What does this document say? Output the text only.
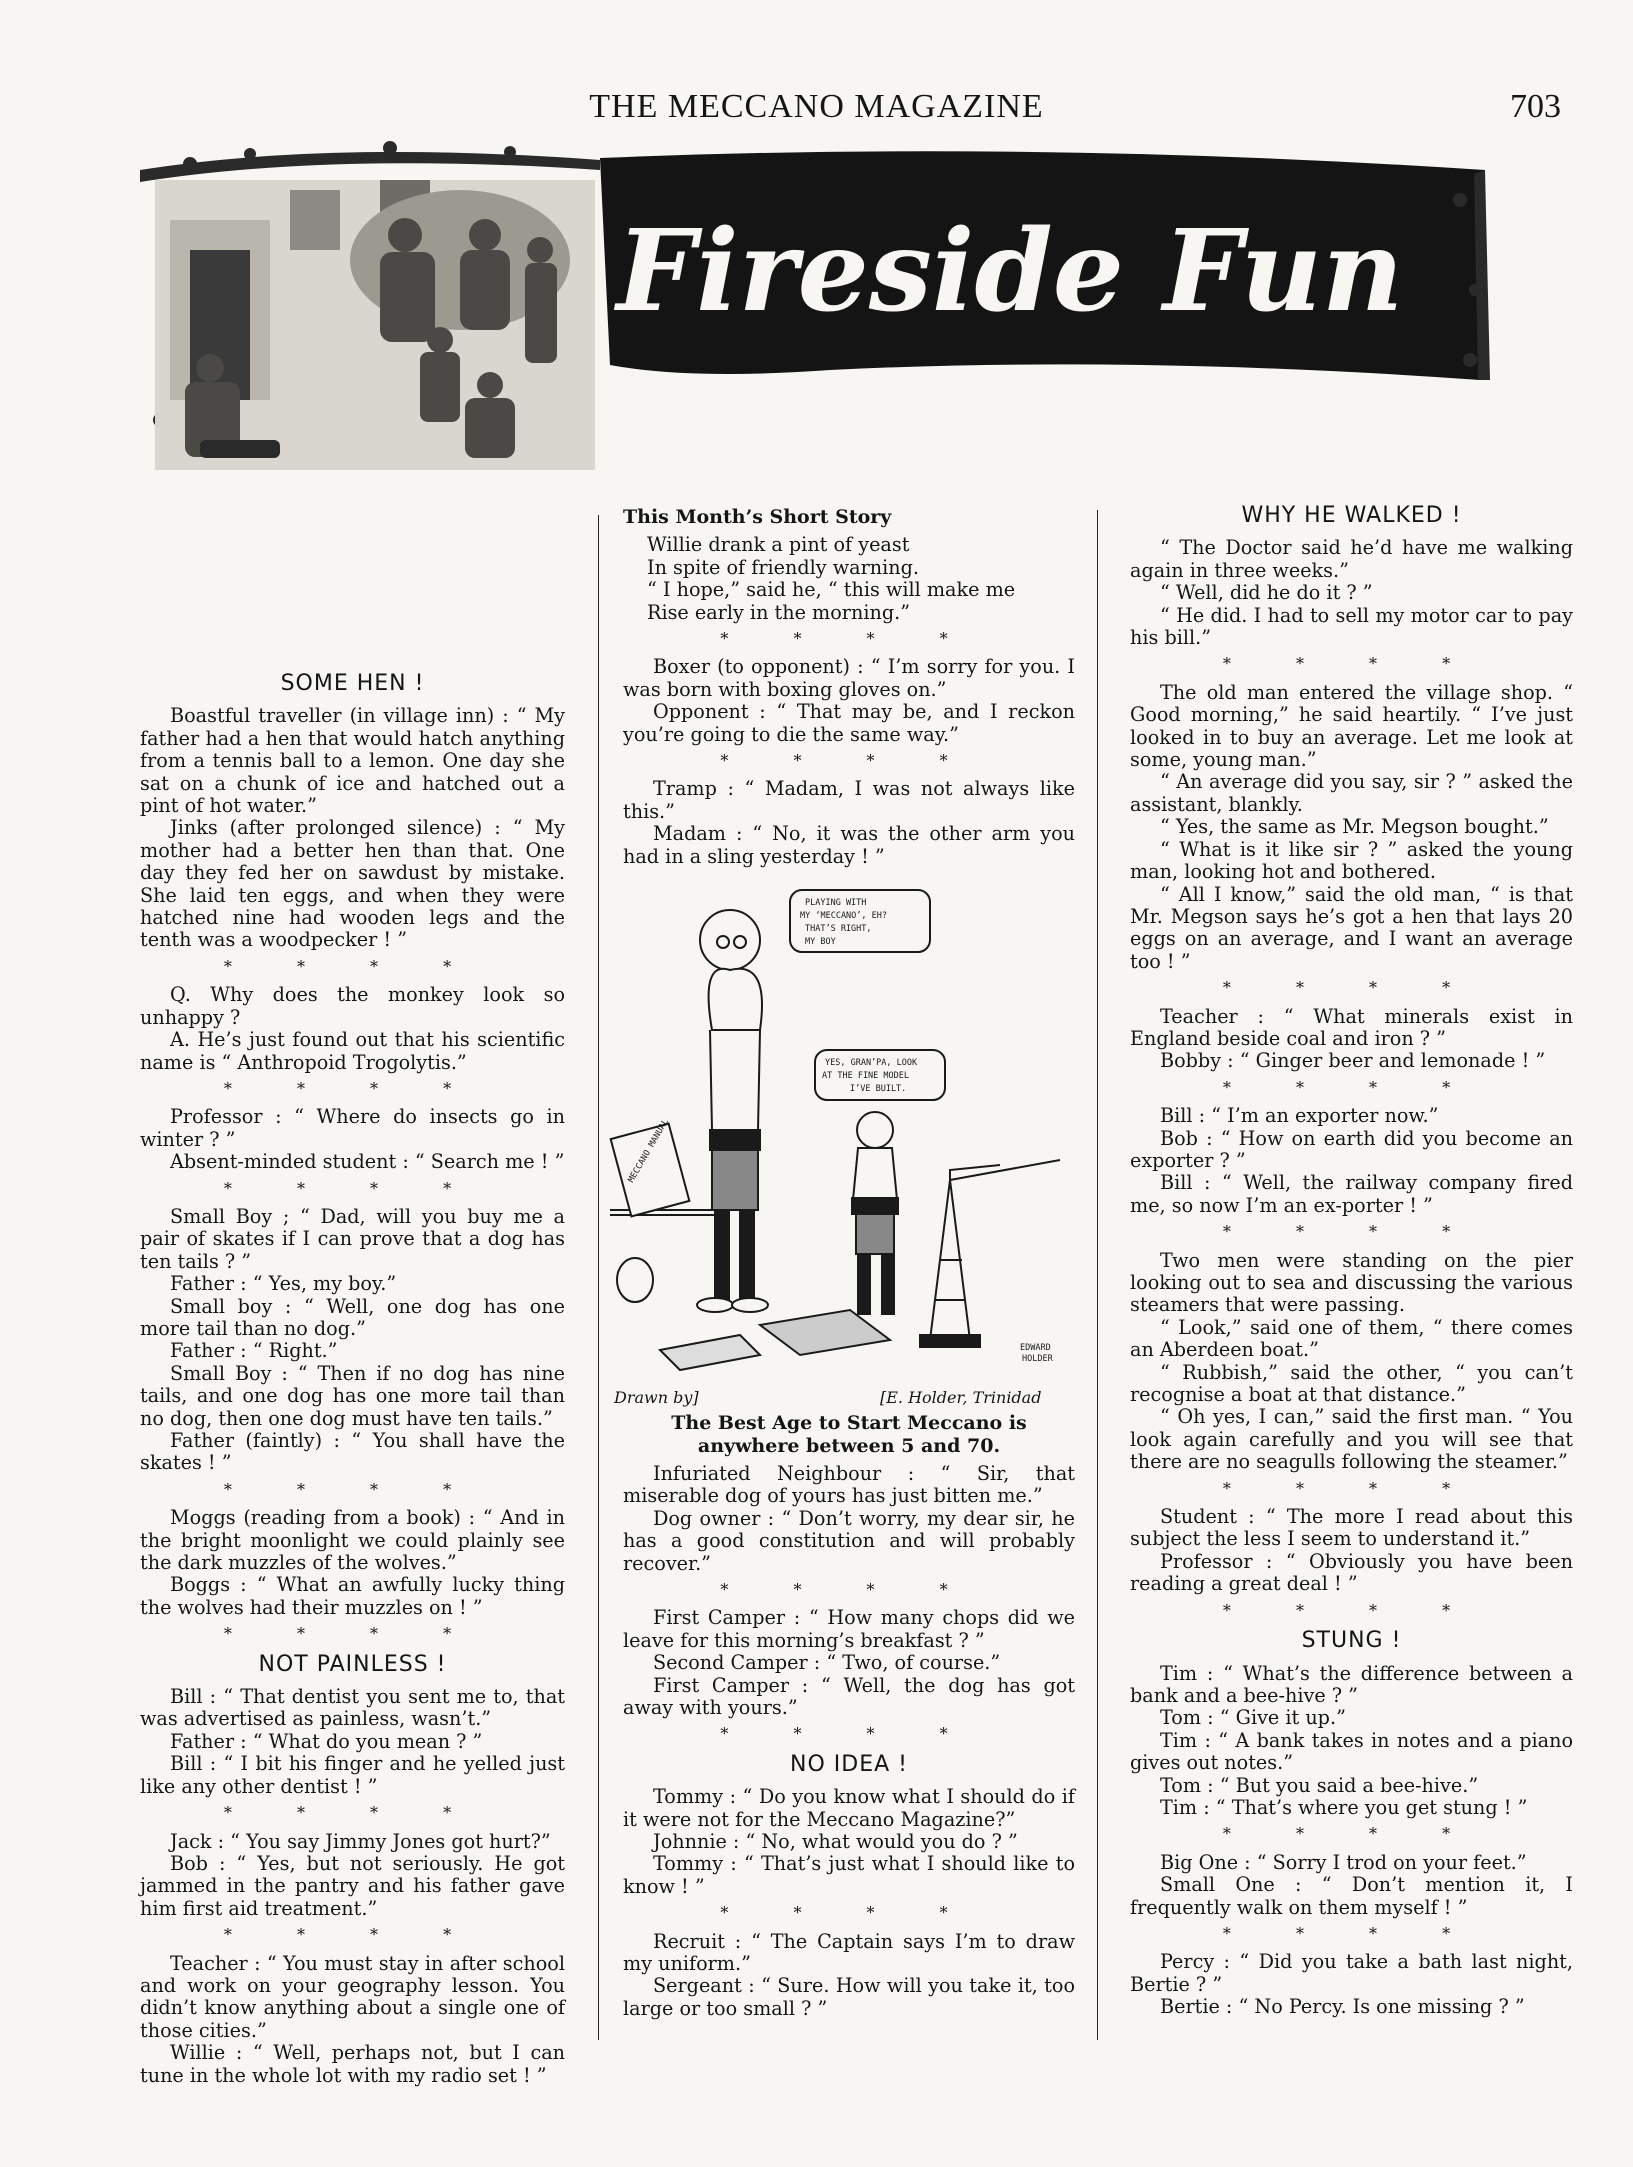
THE MECCANO MAGAZINE	703
Fireside Fun
SOME HEN !

Boastful traveller (in village inn) : “ My father had a hen that would hatch anything from a tennis ball to a lemon. One day she sat on a chunk of ice and hatched out a pint of hot water.”

Jinks (after prolonged silence) : “ My mother had a better hen than that. One day they fed her on sawdust by mistake. She laid ten eggs, and when they were hatched nine had wooden legs and the tenth was a woodpecker ! ”

* * * *

Q. Why does the monkey look so unhappy ?

A. He’s just found out that his scientific name is “ Anthropoid Trogolytis.”

* * * *

Professor : “ Where do insects go in winter ? ”

Absent-minded student : “ Search me ! ”

* * * *

Small Boy ; “ Dad, will you buy me a pair of skates if I can prove that a dog has ten tails ? ”

Father : “ Yes, my boy.”

Small boy : “ Well, one dog has one more tail than no dog.”

Father : “ Right.”

Small Boy : “ Then if no dog has nine tails, and one dog has one more tail than no dog, then one dog must have ten tails.”

Father (faintly) : “ You shall have the skates ! ”

* * * *

Moggs (reading from a book) : “ And in the bright moonlight we could plainly see the dark muzzles of the wolves.”

Boggs : “ What an awfully lucky thing the wolves had their muzzles on ! ”

* * * *
NOT PAINLESS !

Bill : “ That dentist you sent me to, that was advertised as painless, wasn’t.”

Father : “ What do you mean ? ”

Bill : “ I bit his finger and he yelled just like any other dentist ! ”

* * * *

Jack : “ You say Jimmy Jones got hurt?”

Bob : “ Yes, but not seriously. He got jammed in the pantry and his father gave him first aid treatment.”

* * * *

Teacher : “ You must stay in after school and work on your geography lesson. You didn’t know anything about a single one of those cities.”

Willie : “ Well, perhaps not, but I can tune in the whole lot with my radio set ! ”

This Month’s Short Story

Willie drank a pint of yeast

In spite of friendly warning.

“ I hope,” said he, “ this will make me

Rise early in the morning.”

* * * *

Boxer (to opponent) : “ I’m sorry for you. I was born with boxing gloves on.”

Opponent : “ That may be, and I reckon you’re going to die the same way.”

* * * *

Tramp : “ Madam, I was not always like this.”

Madam : “ No, it was the other arm you had in a sling yesterday ! ”

The Best Age to Start Meccano is anywhere between 5 and 70.

Infuriated Neighbour : “ Sir, that miserable dog of yours has just bitten me.”

Dog owner : “ Don’t worry, my dear sir, he has a good constitution and will probably recover.”

* * * *

First Camper : “ How many chops did we leave for this morning’s breakfast ? ”

Second Camper : “ Two, of course.”

First Camper : “ Well, the dog has got away with yours.”

* * * *
NO IDEA !

Tommy : “ Do you know what I should do if it were not for the Meccano Magazine?”

Johnnie : “ No, what would you do ? ”

Tommy : “ That’s just what I should like to know ! ”

* * * *

Recruit : “ The Captain says I’m to draw my uniform.”

Sergeant : “ Sure. How will you take it, too large or too small ? ”

PLAYING WITH
MY ‘MECCANO’, EH?
THAT’S RIGHT,
MY BOY
YES, GRAN’PA, LOOK
AT THE FINE MODEL
I’VE BUILT.
MECCANO MANUAL
EDWARD
HOLDER
Drawn by]	[E. Holder, Trinidad
WHY HE WALKED !

“ The Doctor said he’d have me walking again in three weeks.”

“ Well, did he do it ? ”

“ He did. I had to sell my motor car to pay his bill.”

* * * *

The old man entered the village shop. “ Good morning,” he said heartily. “ I’ve just looked in to buy an average. Let me look at some, young man.”

“ An average did you say, sir ? ” asked the assistant, blankly.

“ Yes, the same as Mr. Megson bought.”

“ What is it like sir ? ” asked the young man, looking hot and bothered.

“ All I know,” said the old man, “ is that Mr. Megson says he’s got a hen that lays 20 eggs on an average, and I want an average too ! ”

* * * *

Teacher : “ What minerals exist in England beside coal and iron ? ”

Bobby : “ Ginger beer and lemonade ! ”

* * * *

Bill : “ I’m an exporter now.”

Bob : “ How on earth did you become an exporter ? ”

Bill : “ Well, the railway company fired me, so now I’m an ex-porter ! ”

* * * *

Two men were standing on the pier looking out to sea and discussing the various steamers that were passing.

“ Look,” said one of them, “ there comes an Aberdeen boat.”

“ Rubbish,” said the other, “ you can’t recognise a boat at that distance.”

“ Oh yes, I can,” said the first man. “ You look again carefully and you will see that there are no seagulls following the steamer.”

* * * *

Student : “ The more I read about this subject the less I seem to understand it.”

Professor : “ Obviously you have been reading a great deal ! ”

* * * *
STUNG !

Tim : “ What’s the difference between a bank and a bee-hive ? ”

Tom : “ Give it up.”

Tim : “ A bank takes in notes and a piano gives out notes.”

Tom : “ But you said a bee-hive.”

Tim : “ That’s where you get stung ! ”

* * * *

Big One : “ Sorry I trod on your feet.”

Small One : “ Don’t mention it, I frequently walk on them myself ! ”

* * * *

Percy : “ Did you take a bath last night, Bertie ? ”

Bertie : “ No Percy. Is one missing ? ”
